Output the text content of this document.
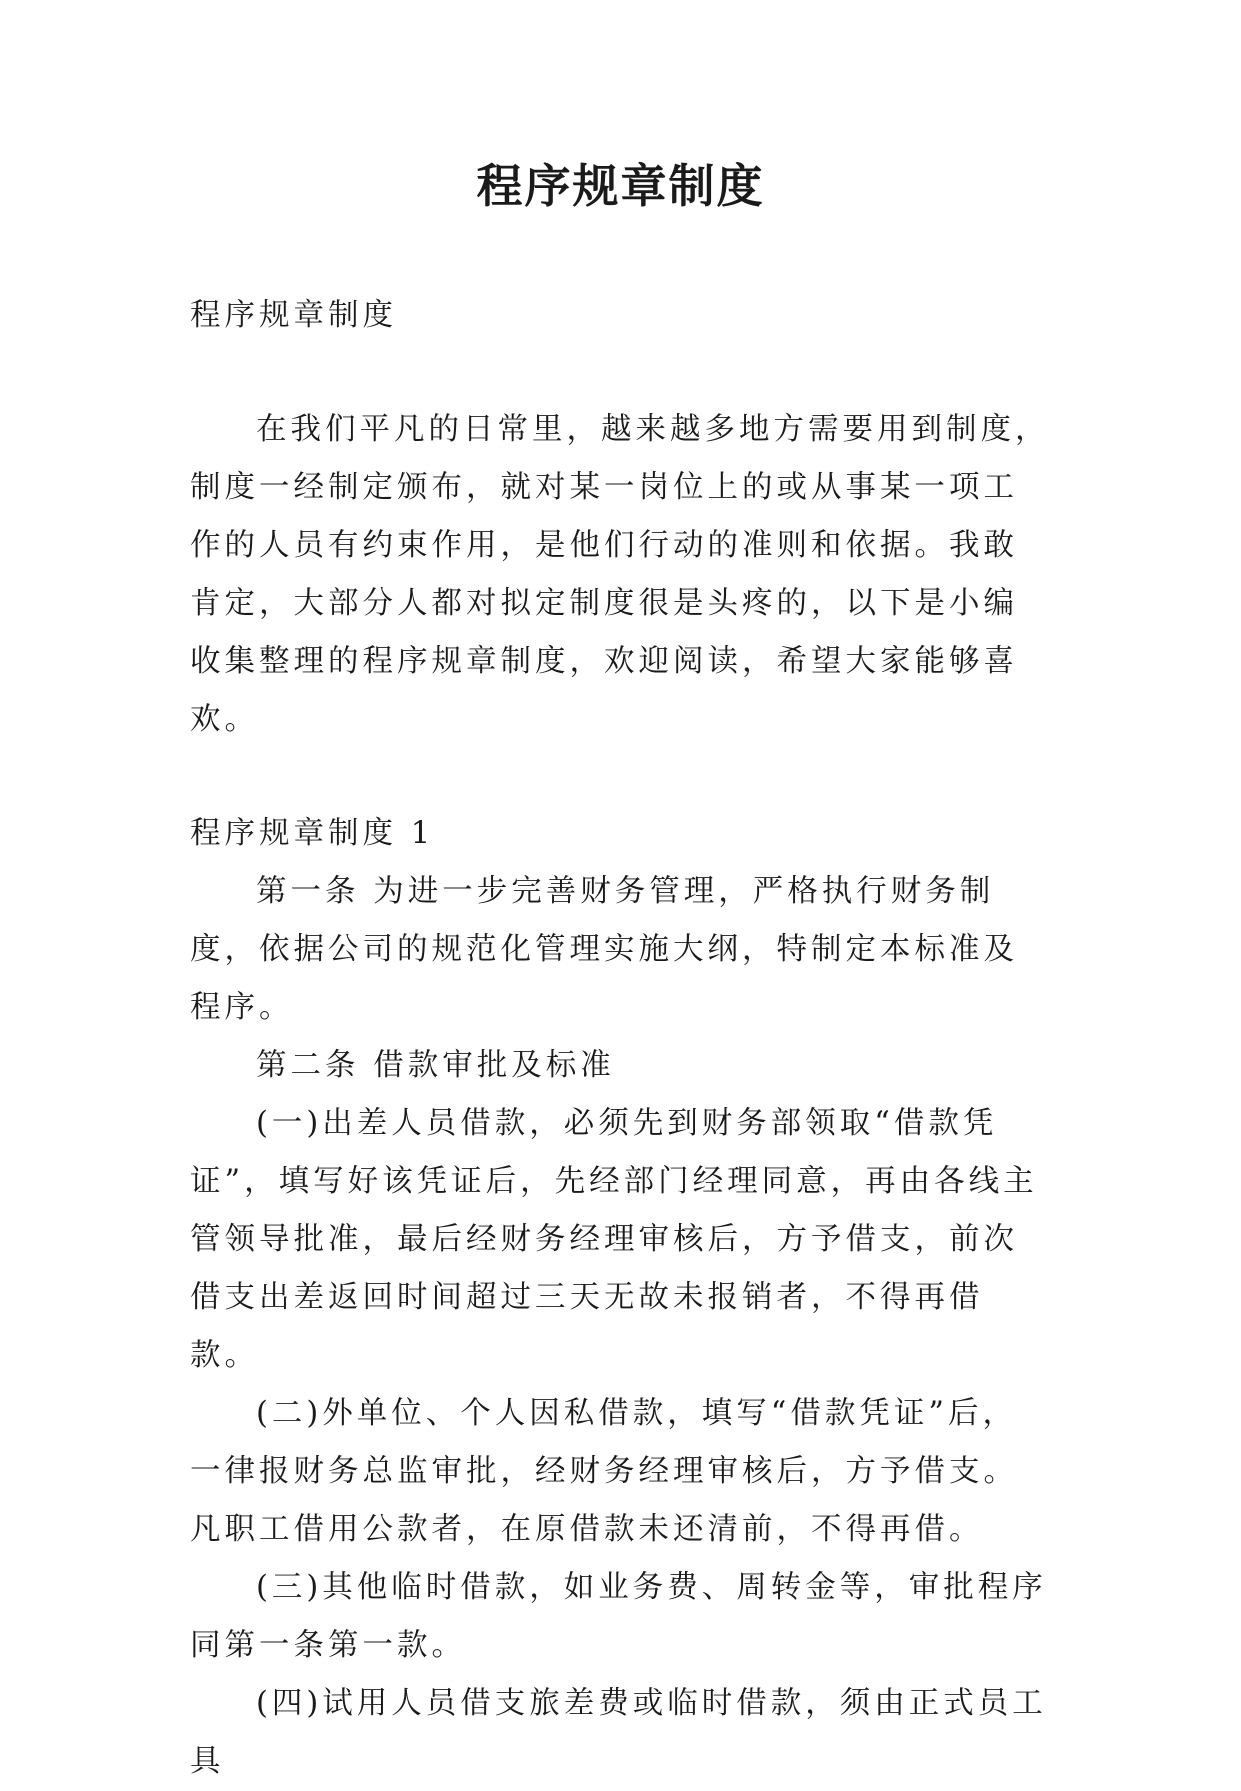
程序规章制度

程序规章制度

在我们平凡的日常里，越来越多地方需要用到制度，制度一经制定颁布，就对某一岗位上的或从事某一项工作的人员有约束作用，是他们行动的准则和依据。我敢肯定，大部分人都对拟定制度很是头疼的，以下是小编收集整理的程序规章制度，欢迎阅读，希望大家能够喜欢。

程序规章制度 1

第一条 为进一步完善财务管理，严格执行财务制度，依据公司的规范化管理实施大纲，特制定本标准及程序。

第二条 借款审批及标准

(一)出差人员借款，必须先到财务部领取“借款凭证”，填写好该凭证后，先经部门经理同意，再由各线主管领导批准，最后经财务经理审核后，方予借支，前次借支出差返回时间超过三天无故未报销者，不得再借款。

(二)外单位、个人因私借款，填写“借款凭证”后，一律报财务总监审批，经财务经理审核后，方予借支。凡职工借用公款者，在原借款未还清前，不得再借。

(三)其他临时借款，如业务费、周转金等，审批程序同第一条第一款。

(四)试用人员借支旅差费或临时借款，须由正式员工具
